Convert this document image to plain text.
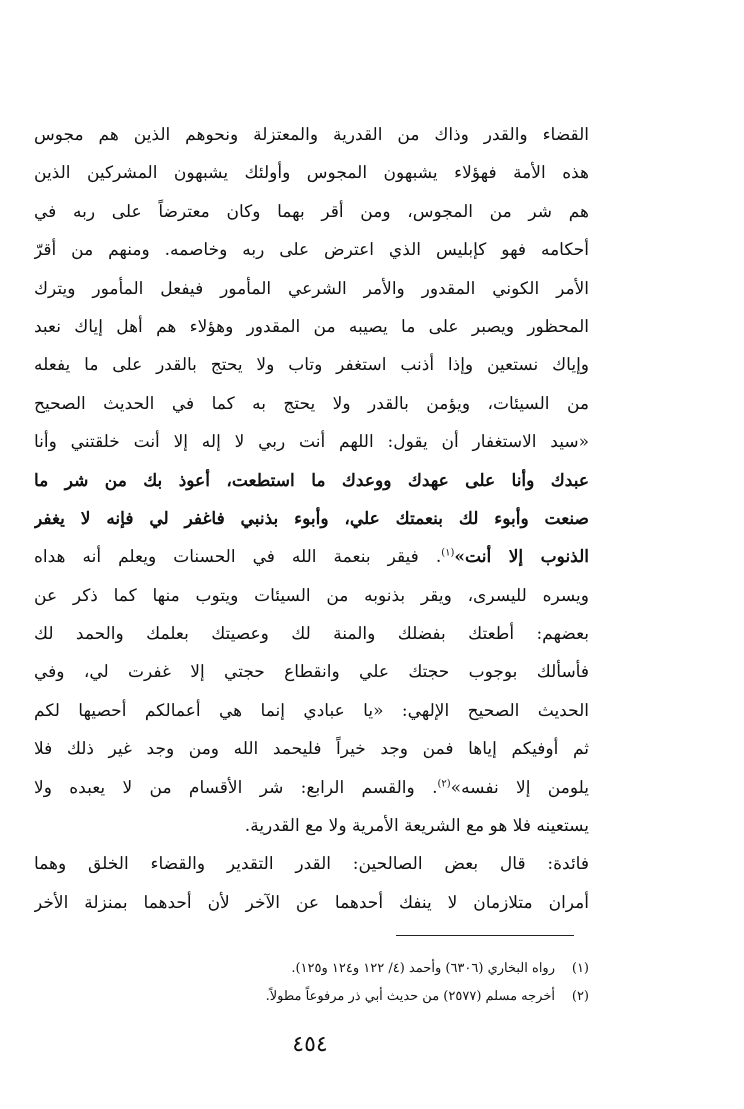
القضاء والقدر وذاك من القدرية والمعتزلة ونحوهم الذين هم مجوس
هذه الأمة فهؤلاء يشبهون المجوس وأولئك يشبهون المشركين الذين
هم شر من المجوس، ومن أقر بهما وكان معترضاً على ربه في
أحكامه فهو كإبليس الذي اعترض على ربه وخاصمه. ومنهم من أقرّ
الأمر الكوني المقدور والأمر الشرعي المأمور فيفعل المأمور ويترك
المحظور ويصبر على ما يصيبه من المقدور وهؤلاء هم أهل إياك نعبد
وإياك نستعين وإذا أذنب استغفر وتاب ولا يحتج بالقدر على ما يفعله
من السيئات، ويؤمن بالقدر ولا يحتج به كما في الحديث الصحيح
«سيد الاستغفار أن يقول: اللهم أنت ربي لا إله إلا أنت خلقتني وأنا
عبدك وأنا على عهدك ووعدك ما استطعت، أعوذ بك من شر ما
صنعت وأبوء لك بنعمتك علي، وأبوء بذنبي فاغفر لي فإنه لا يغفر
الذنوب إلا أنت»$^{(١)}$. فيقر بنعمة الله في الحسنات ويعلم أنه هداه
ويسره لليسرى، ويقر بذنوبه من السيئات ويتوب منها كما ذكر عن
بعضهم: أطعتك بفضلك والمنة لك وعصيتك بعلمك والحمد لك
فأسألك بوجوب حجتك علي وانقطاع حجتي إلا غفرت لي، وفي
الحديث الصحيح الإلهي: «يا عبادي إنما هي أعمالكم أحصيها لكم
ثم أوفيكم إياها فمن وجد خيراً فليحمد الله ومن وجد غير ذلك فلا
يلومن إلا نفسه»$^{(٢)}$. والقسم الرابع: شر الأقسام من لا يعبده ولا
يستعينه فلا هو مع الشريعة الأمرية ولا مع القدرية.
فائدة: قال بعض الصالحين: القدر التقدير والقضاء الخلق وهما
أمران متلازمان لا ينفك أحدهما عن الآخر لأن أحدهما بمنزلة الأخر
(١)رواه البخاري (٦٣٠٦) وأحمد (٤/ ١٢٢ و١٢٤ و١٢٥).
(٢)أخرجه مسلم (٢٥٧٧) من حديث أبي ذر مرفوعاً مطولاً.
٤٥٤
